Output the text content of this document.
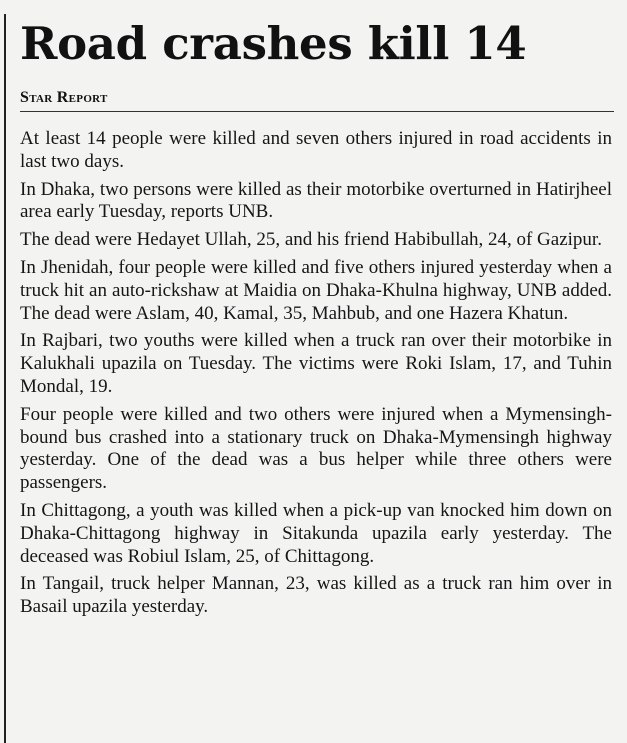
Road crashes kill 14
Star Report

At least 14 people were killed and seven others injured in road accidents in last two days.

In Dhaka, two persons were killed as their motorbike overturned in Hatirjheel area early Tuesday, reports UNB.

The dead were Hedayet Ullah, 25, and his friend Habibullah, 24, of Gazipur.

In Jhenidah, four people were killed and five others injured yesterday when a truck hit an auto-rickshaw at Maidia on Dhaka-Khulna highway, UNB added. The dead were Aslam, 40, Kamal, 35, Mahbub, and one Hazera Khatun.

In Rajbari, two youths were killed when a truck ran over their motorbike in Kalukhali upazila on Tuesday. The victims were Roki Islam, 17, and Tuhin Mondal, 19.

Four people were killed and two others were injured when a Mymensingh-bound bus crashed into a stationary truck on Dhaka-Mymensingh highway yesterday. One of the dead was a bus helper while three others were passengers.

In Chittagong, a youth was killed when a pick-up van knocked him down on Dhaka-Chittagong highway in Sitakunda upazila early yesterday. The deceased was Robiul Islam, 25, of Chittagong.

In Tangail, truck helper Mannan, 23, was killed as a truck ran him over in Basail upazila yesterday.
